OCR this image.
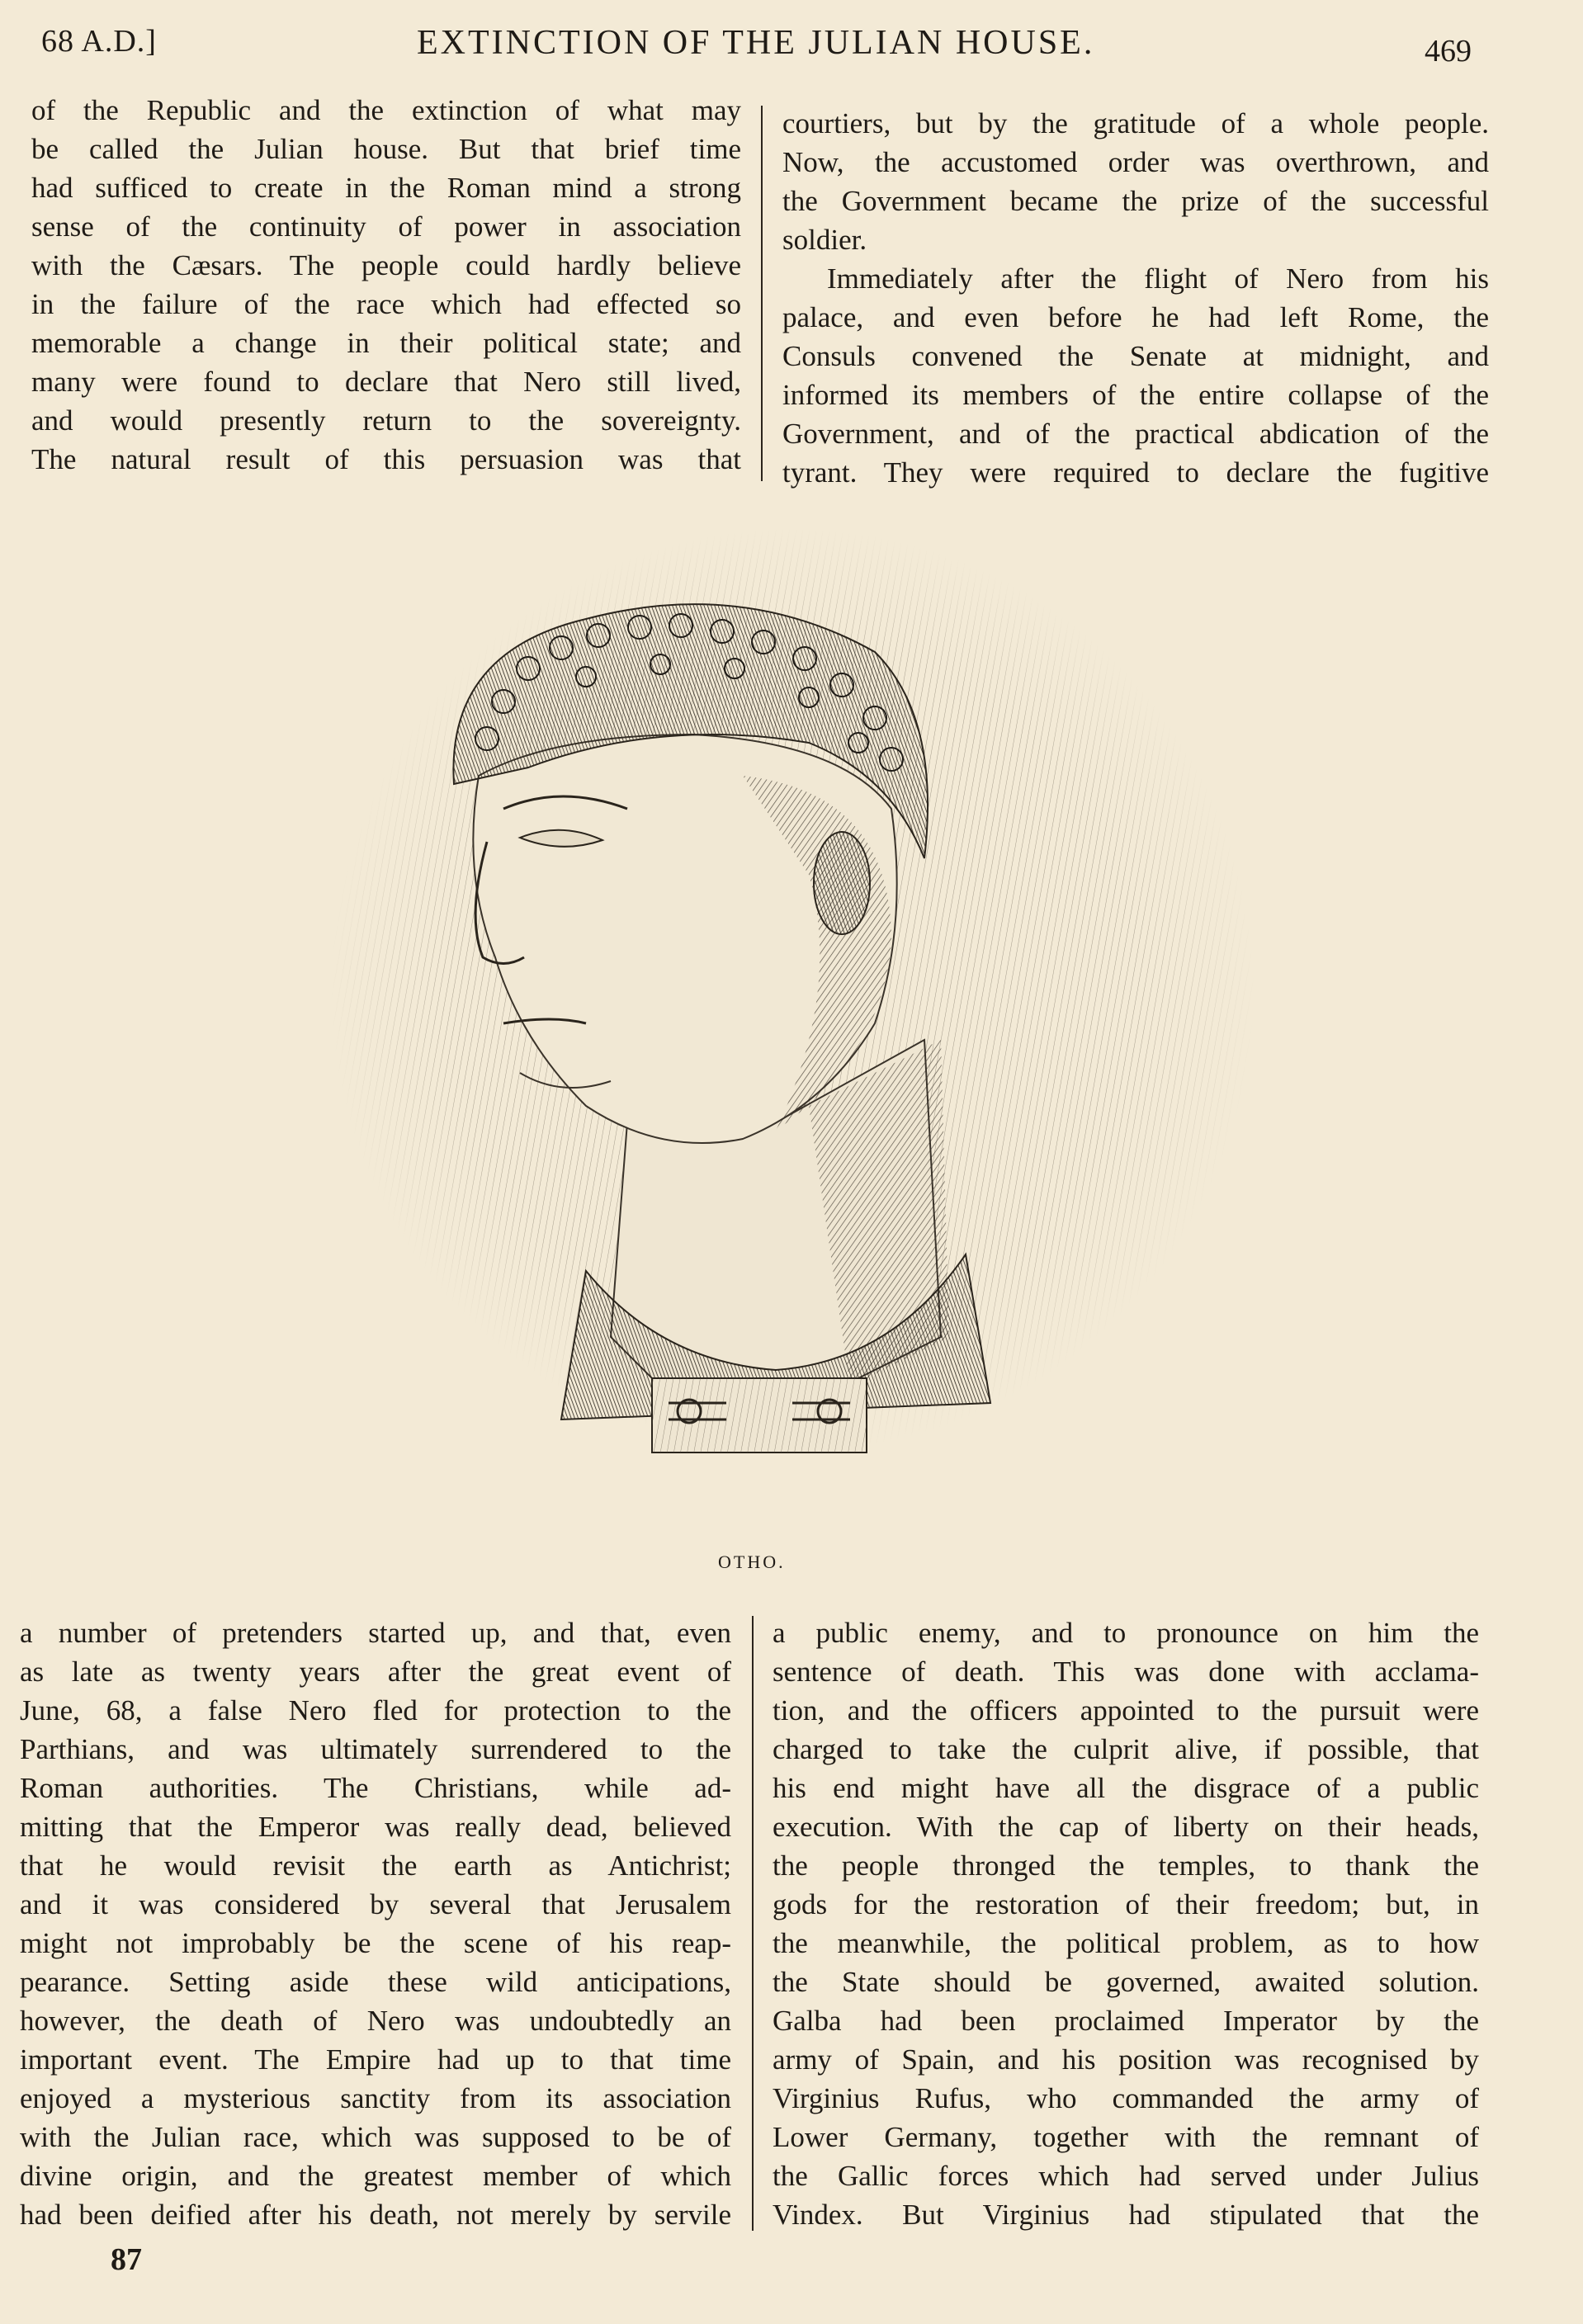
68 A.D.]	EXTINCTION OF THE JULIAN HOUSE.	469
of the Republic and the extinction of what may
be called the Julian house. But that brief time
had sufficed to create in the Roman mind a strong
sense of the continuity of power in association
with the Cæsars. The people could hardly believe
in the failure of the race which had effected so
memorable a change in their political state; and
many were found to declare that Nero still lived,
and would presently return to the sovereignty.
The natural result of this persuasion was that
courtiers, but by the gratitude of a whole people.
Now, the accustomed order was overthrown, and
the Government became the prize of the successful
soldier.
Immediately after the flight of Nero from his
palace, and even before he had left Rome, the
Consuls convened the Senate at midnight, and
informed its members of the entire collapse of the
Government, and of the practical abdication of the
tyrant. They were required to declare the fugitive
OTHO.
a number of pretenders started up, and that, even
as late as twenty years after the great event of
June, 68, a false Nero fled for protection to the
Parthians, and was ultimately surrendered to the
Roman authorities. The Christians, while ad-
mitting that the Emperor was really dead, believed
that he would revisit the earth as Antichrist;
and it was considered by several that Jerusalem
might not improbably be the scene of his reap-
pearance. Setting aside these wild anticipations,
however, the death of Nero was undoubtedly an
important event. The Empire had up to that time
enjoyed a mysterious sanctity from its association
with the Julian race, which was supposed to be of
divine origin, and the greatest member of which
had been deified after his death, not merely by servile
a public enemy, and to pronounce on him the
sentence of death. This was done with acclama-
tion, and the officers appointed to the pursuit were
charged to take the culprit alive, if possible, that
his end might have all the disgrace of a public
execution. With the cap of liberty on their heads,
the people thronged the temples, to thank the
gods for the restoration of their freedom; but, in
the meanwhile, the political problem, as to how
the State should be governed, awaited solution.
Galba had been proclaimed Imperator by the
army of Spain, and his position was recognised by
Virginius Rufus, who commanded the army of
Lower Germany, together with the remnant of
the Gallic forces which had served under Julius
Vindex. But Virginius had stipulated that the
87
